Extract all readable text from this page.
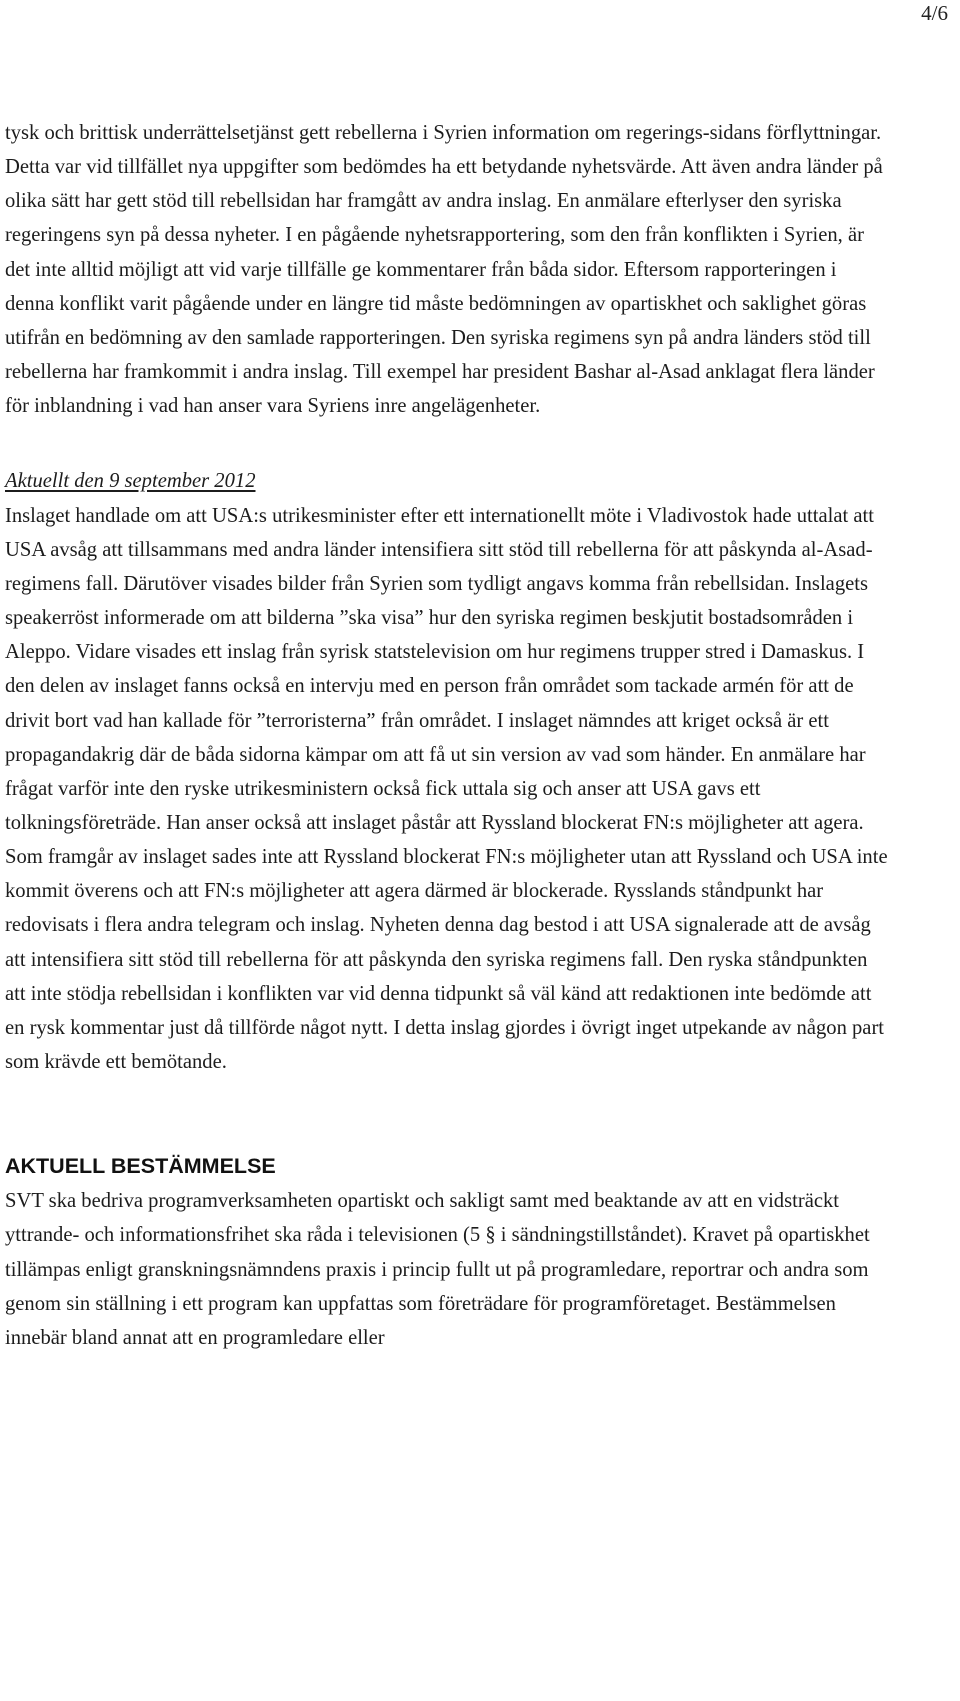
4/6

tysk och brittisk underrättelsetjänst gett rebellerna i Syrien information om regerings-sidans förflyttningar. Detta var vid tillfället nya uppgifter som bedömdes ha ett betydande nyhetsvärde. Att även andra länder på olika sätt har gett stöd till rebellsidan har framgått av andra inslag. En anmälare efterlyser den syriska regeringens syn på dessa nyheter. I en pågående nyhetsrapportering, som den från konflikten i Syrien, är det inte alltid möjligt att vid varje tillfälle ge kommentarer från båda sidor. Eftersom rapporteringen i denna konflikt varit pågående under en längre tid måste bedömningen av opartiskhet och saklighet göras utifrån en bedömning av den samlade rapporteringen. Den syriska regimens syn på andra länders stöd till rebellerna har framkommit i andra inslag. Till exempel har president Bashar al-Asad anklagat flera länder för inblandning i vad han anser vara Syriens inre angelägenheter.

Aktuellt den 9 september 2012

Inslaget handlade om att USA:s utrikesminister efter ett internationellt möte i Vladivostok hade uttalat att USA avsåg att tillsammans med andra länder intensifiera sitt stöd till rebellerna för att påskynda al-Asad-regimens fall. Därutöver visades bilder från Syrien som tydligt angavs komma från rebellsidan. Inslagets speakerröst informerade om att bilderna ”ska visa” hur den syriska regimen beskjutit bostadsområden i Aleppo. Vidare visades ett inslag från syrisk statstelevision om hur regimens trupper stred i Damaskus. I den delen av inslaget fanns också en intervju med en person från området som tackade armén för att de drivit bort vad han kallade för ”terroristerna” från området. I inslaget nämndes att kriget också är ett propagandakrig där de båda sidorna kämpar om att få ut sin version av vad som händer. En anmälare har frågat varför inte den ryske utrikesministern också fick uttala sig och anser att USA gavs ett tolkningsföreträde. Han anser också att inslaget påstår att Ryssland blockerat FN:s möjligheter att agera. Som framgår av inslaget sades inte att Ryssland blockerat FN:s möjligheter utan att Ryssland och USA inte kommit överens och att FN:s möjligheter att agera därmed är blockerade. Rysslands ståndpunkt har redovisats i flera andra telegram och inslag. Nyheten denna dag bestod i att USA signalerade att de avsåg att intensifiera sitt stöd till rebellerna för att påskynda den syriska regimens fall. Den ryska ståndpunkten att inte stödja rebellsidan i konflikten var vid denna tidpunkt så väl känd att redaktionen inte bedömde att en rysk kommentar just då tillförde något nytt. I detta inslag gjordes i övrigt inget utpekande av någon part som krävde ett bemötande.

AKTUELL BESTÄMMELSE

SVT ska bedriva programverksamheten opartiskt och sakligt samt med beaktande av att en vidsträckt yttrande- och informationsfrihet ska råda i televisionen (5 § i sändningstillståndet). Kravet på opartiskhet tillämpas enligt granskningsnämndens praxis i princip fullt ut på programledare, reportrar och andra som genom sin ställning i ett program kan uppfattas som företrädare för programföretaget. Bestämmelsen innebär bland annat att en programledare eller
